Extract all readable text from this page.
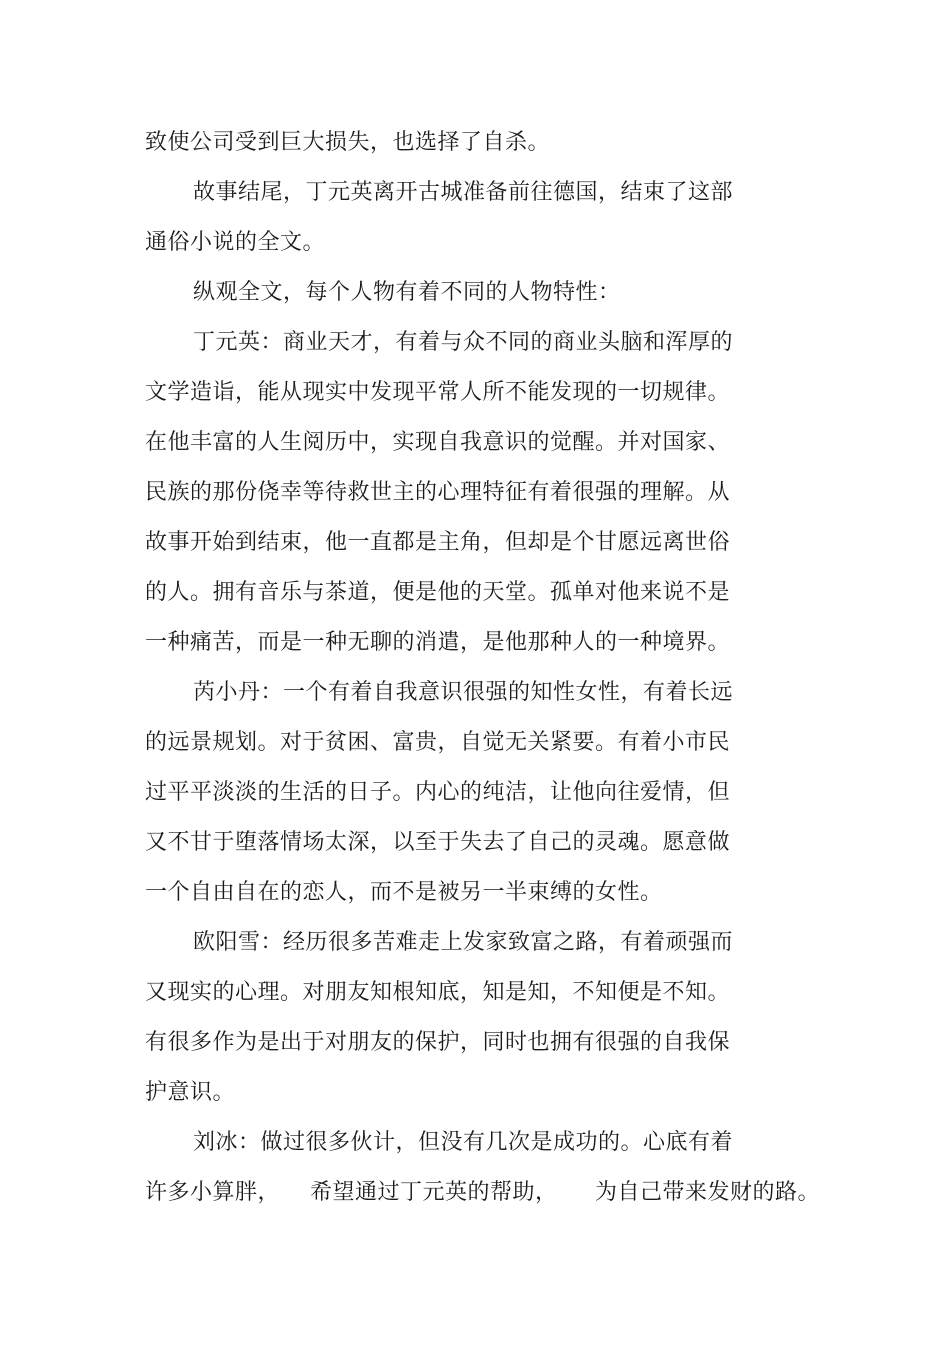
致使公司受到巨大损失，也选择了自杀。
故事结尾，丁元英离开古城准备前往德国，结束了这部
通俗小说的全文。
纵观全文，每个人物有着不同的人物特性：
丁元英：商业天才，有着与众不同的商业头脑和浑厚的
文学造诣，能从现实中发现平常人所不能发现的一切规律。
在他丰富的人生阅历中，实现自我意识的觉醒。并对国家、
民族的那份侥幸等待救世主的心理特征有着很强的理解。从
故事开始到结束，他一直都是主角，但却是个甘愿远离世俗
的人。拥有音乐与茶道，便是他的天堂。孤单对他来说不是
一种痛苦，而是一种无聊的消遣，是他那种人的一种境界。
芮小丹：一个有着自我意识很强的知性女性，有着长远
的远景规划。对于贫困、富贵，自觉无关紧要。有着小市民
过平平淡淡的生活的日子。内心的纯洁，让他向往爱情，但
又不甘于堕落情场太深，以至于失去了自己的灵魂。愿意做
一个自由自在的恋人，而不是被另一半束缚的女性。
欧阳雪：经历很多苦难走上发家致富之路，有着顽强而
又现实的心理。对朋友知根知底，知是知，不知便是不知。
有很多作为是出于对朋友的保护，同时也拥有很强的自我保
护意识。
刘冰：做过很多伙计，但没有几次是成功的。心底有着
许多小算胖，    希望通过丁元英的帮助，     为自己带来发财的路。
